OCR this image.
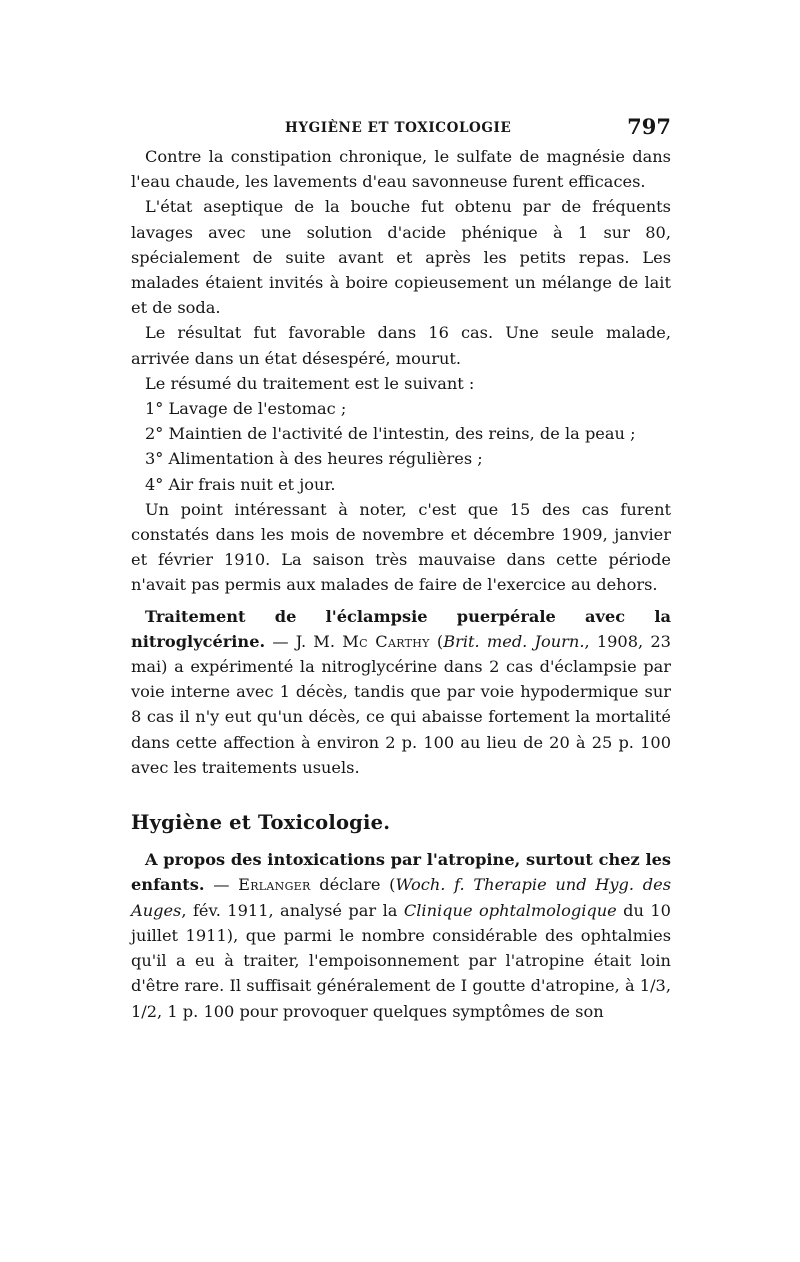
HYGIÈNE ET TOXICOLOGIE	797

Contre la constipation chronique, le sulfate de magnésie dans l'eau chaude, les lavements d'eau savonneuse furent efficaces.

L'état aseptique de la bouche fut obtenu par de fréquents lavages avec une solution d'acide phénique à 1 sur 80, spécialement de suite avant et après les petits repas. Les malades étaient invités à boire copieusement un mélange de lait et de soda.

Le résultat fut favorable dans 16 cas. Une seule malade, arrivée dans un état désespéré, mourut.

Le résumé du traitement est le suivant :

1° Lavage de l'estomac ;

2° Maintien de l'activité de l'intestin, des reins, de la peau ;

3° Alimentation à des heures régulières ;

4° Air frais nuit et jour.

Un point intéressant à noter, c'est que 15 des cas furent constatés dans les mois de novembre et décembre 1909, janvier et février 1910. La saison très mauvaise dans cette période n'avait pas permis aux malades de faire de l'exercice au dehors.

Traitement de l'éclampsie puerpérale avec la nitroglycérine. — J. M. Mc Carthy (Brit. med. Journ., 1908, 23 mai) a expérimenté la nitroglycérine dans 2 cas d'éclampsie par voie interne avec 1 décès, tandis que par voie hypodermique sur 8 cas il n'y eut qu'un décès, ce qui abaisse fortement la mortalité dans cette affection à environ 2 p. 100 au lieu de 20 à 25 p. 100 avec les traitements usuels.

Hygiène et Toxicologie.

A propos des intoxications par l'atropine, surtout chez les enfants. — Erlanger déclare (Woch. f. Therapie und Hyg. des Auges, fév. 1911, analysé par la Clinique ophtalmologique du 10 juillet 1911), que parmi le nombre considérable des ophtalmies qu'il a eu à traiter, l'empoisonnement par l'atropine était loin d'être rare. Il suffisait généralement de I goutte d'atropine, à 1/3, 1/2, 1 p. 100 pour provoquer quelques symptômes de son
